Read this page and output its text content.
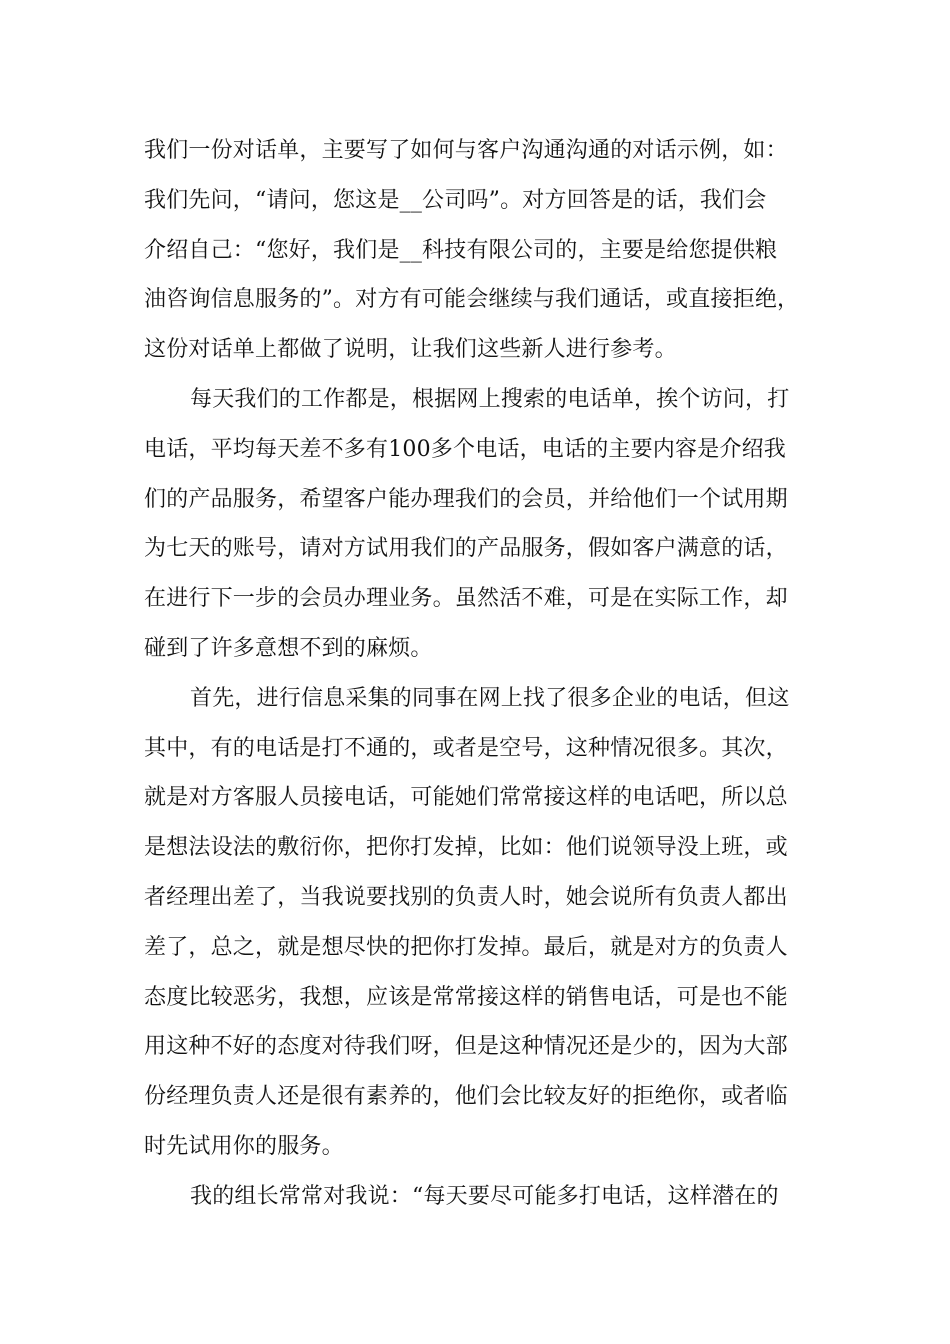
我们一份对话单，主要写了如何与客户沟通沟通的对话示例，如：
我们先问，“请问，您这是__公司吗”。对方回答是的话，我们会
介绍自己：“您好，我们是__科技有限公司的，主要是给您提供粮
油咨询信息服务的”。对方有可能会继续与我们通话，或直接拒绝，
这份对话单上都做了说明，让我们这些新人进行参考。
每天我们的工作都是，根据网上搜索的电话单，挨个访问，打
电话，平均每天差不多有100多个电话，电话的主要内容是介绍我
们的产品服务，希望客户能办理我们的会员，并给他们一个试用期
为七天的账号，请对方试用我们的产品服务，假如客户满意的话，
在进行下一步的会员办理业务。虽然活不难，可是在实际工作，却
碰到了许多意想不到的麻烦。
首先，进行信息采集的同事在网上找了很多企业的电话，但这
其中，有的电话是打不通的，或者是空号，这种情况很多。其次，
就是对方客服人员接电话，可能她们常常接这样的电话吧，所以总
是想法设法的敷衍你，把你打发掉，比如：他们说领导没上班，或
者经理出差了，当我说要找别的负责人时，她会说所有负责人都出
差了，总之，就是想尽快的把你打发掉。最后，就是对方的负责人
态度比较恶劣，我想，应该是常常接这样的销售电话，可是也不能
用这种不好的态度对待我们呀，但是这种情况还是少的，因为大部
份经理负责人还是很有素养的，他们会比较友好的拒绝你，或者临
时先试用你的服务。
我的组长常常对我说：“每天要尽可能多打电话，这样潜在的
